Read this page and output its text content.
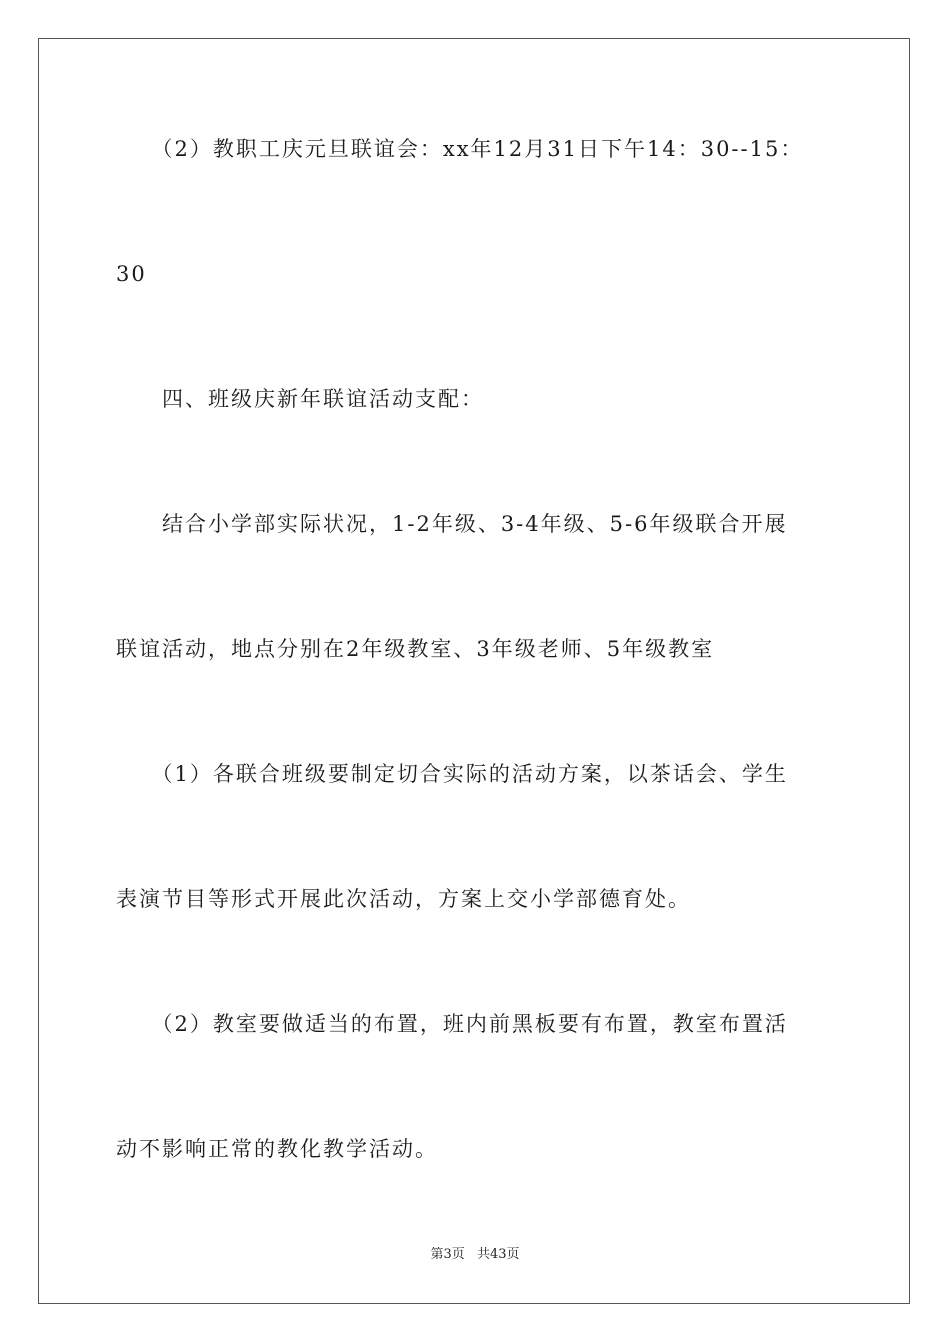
　　（2）教职工庆元旦联谊会：xx年12月31日下午14：30--15：
30
　　四、班级庆新年联谊活动支配：
　　结合小学部实际状况，1-2年级、3-4年级、5-6年级联合开展
联谊活动，地点分别在2年级教室、3年级老师、5年级教室
　　（1）各联合班级要制定切合实际的活动方案，以茶话会、学生
表演节目等形式开展此次活动，方案上交小学部德育处。
　　（2）教室要做适当的布置，班内前黑板要有布置，教室布置活
动不影响正常的教化教学活动。
第3页 共43页
